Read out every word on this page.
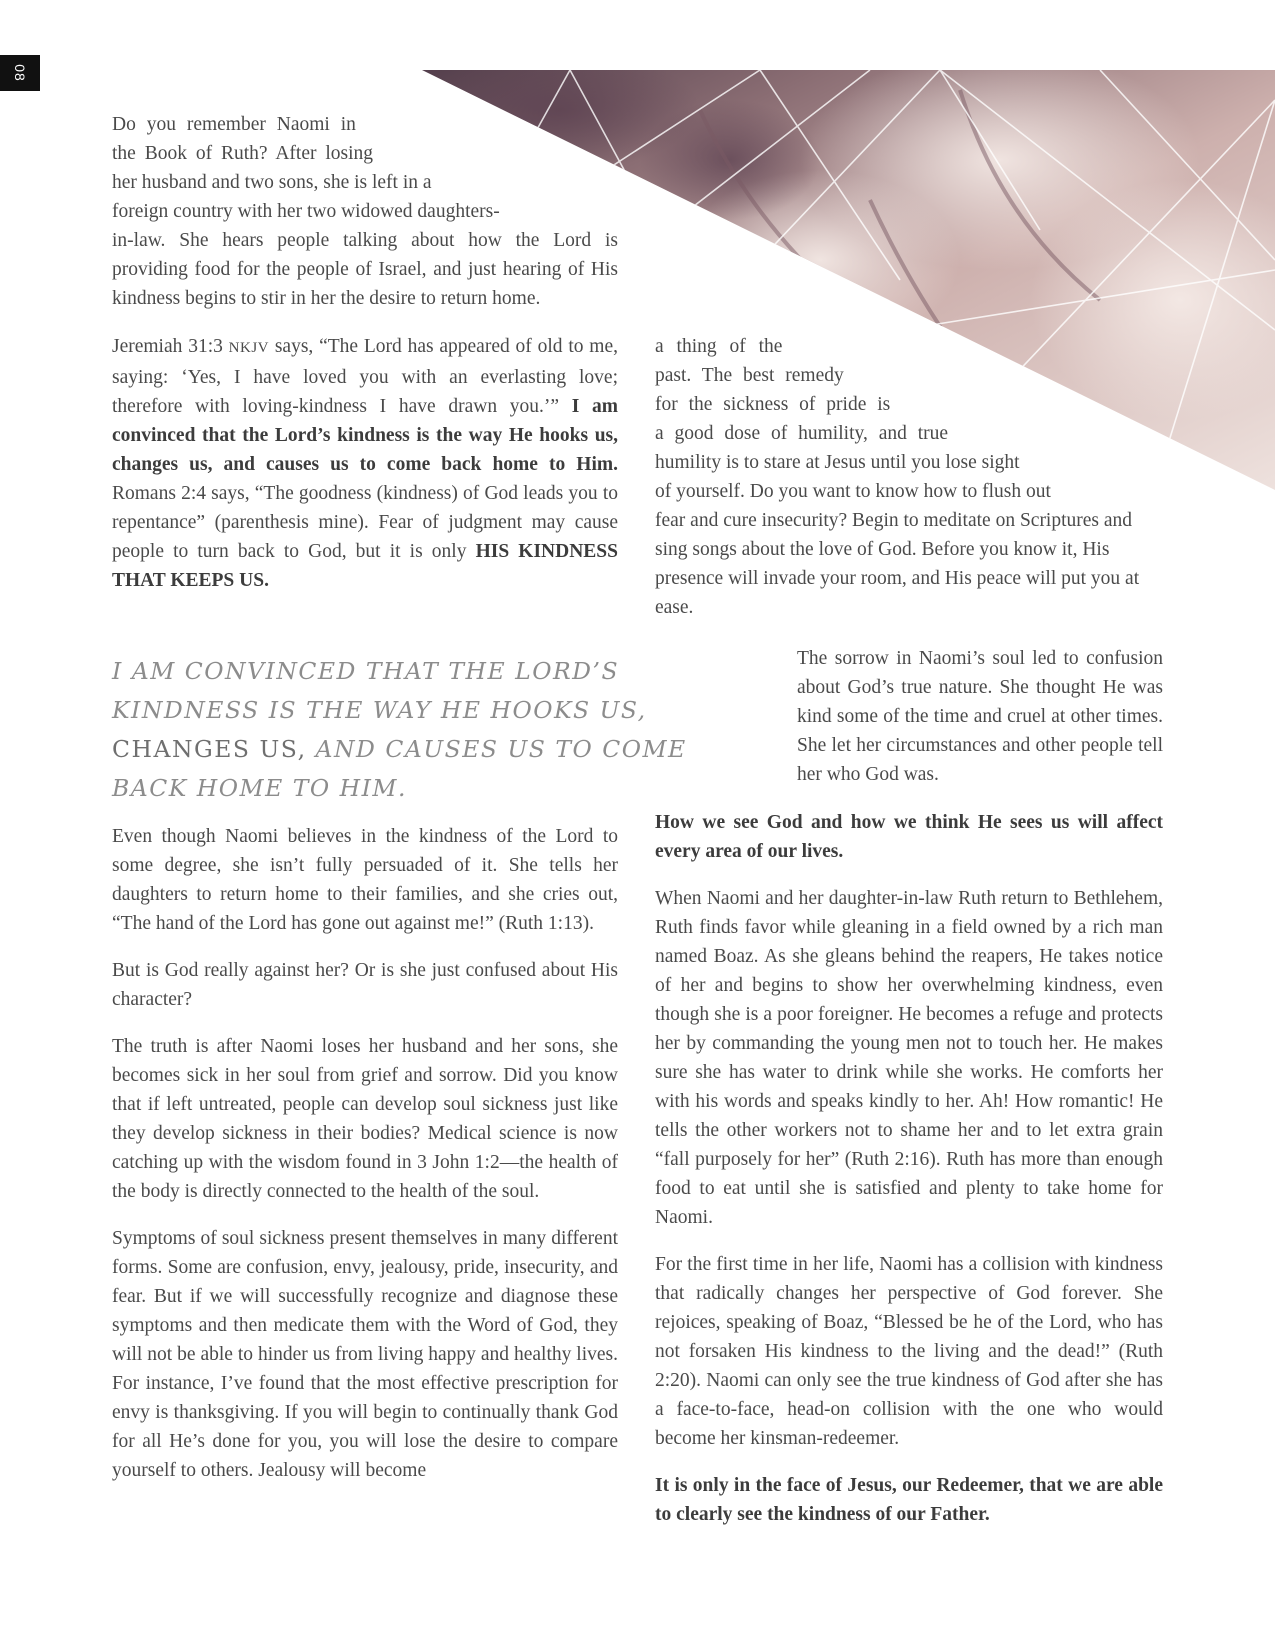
08
Do you remember Naomi in
the Book of Ruth? After losing
her husband and two sons, she is left in a
foreign country with her two widowed daughters-
in-law. She hears people talking about how the Lord is providing food for the people of Israel, and just hearing of His kindness begins to stir in her the desire to return home.
Jeremiah 31:3 NKJV says, “The Lord has appeared of old to me, saying: ‘Yes, I have loved you with an everlasting love; therefore with loving-kindness I have drawn you.’” I am convinced that the Lord’s kindness is the way He hooks us, changes us, and causes us to come back home to Him. Romans 2:4 says, “The goodness (kindness) of God leads you to repentance” (parenthesis mine). Fear of judgment may cause people to turn back to God, but it is only HIS KINDNESS THAT KEEPS US.
a thing of the
past. The best remedy
for the sickness of pride is
a good dose of humility, and true
humility is to stare at Jesus until you lose sight
of yourself. Do you want to know how to flush out
fear and cure insecurity? Begin to meditate on Scriptures and sing songs about the love of God. Before you know it, His presence will invade your room, and His peace will put you at ease.

I AM CONVINCED THAT THE LORD’S KINDNESS IS THE WAY HE HOOKS US, CHANGES US, AND CAUSES US TO COME BACK HOME TO HIM.

The sorrow in Naomi’s soul led to confusion about God’s true nature. She thought He was kind some of the time and cruel at other times. She let her circumstances and other people tell her who God was.

Even though Naomi believes in the kindness of the Lord to some degree, she isn’t fully persuaded of it. She tells her daughters to return home to their families, and she cries out, “The hand of the Lord has gone out against me!” (Ruth 1:13).

But is God really against her? Or is she just confused about His character?

The truth is after Naomi loses her husband and her sons, she becomes sick in her soul from grief and sorrow. Did you know that if left untreated, people can develop soul sickness just like they develop sickness in their bodies? Medical science is now catching up with the wisdom found in 3 John 1:2—the health of the body is directly connected to the health of the soul.

Symptoms of soul sickness present themselves in many different forms. Some are confusion, envy, jealousy, pride, insecurity, and fear. But if we will successfully recognize and diagnose these symptoms and then medicate them with the Word of God, they will not be able to hinder us from living happy and healthy lives. For instance, I’ve found that the most effective prescription for envy is thanksgiving. If you will begin to continually thank God for all He’s done for you, you will lose the desire to compare yourself to others. Jealousy will become

How we see God and how we think He sees us will affect every area of our lives.

When Naomi and her daughter-in-law Ruth return to Bethlehem, Ruth finds favor while gleaning in a field owned by a rich man named Boaz. As she gleans behind the reapers, He takes notice of her and begins to show her overwhelming kindness, even though she is a poor foreigner. He becomes a refuge and protects her by commanding the young men not to touch her. He makes sure she has water to drink while she works. He comforts her with his words and speaks kindly to her. Ah! How romantic! He tells the other workers not to shame her and to let extra grain “fall purposely for her” (Ruth 2:16). Ruth has more than enough food to eat until she is satisfied and plenty to take home for Naomi.

For the first time in her life, Naomi has a collision with kindness that radically changes her perspective of God forever. She rejoices, speaking of Boaz, “Blessed be he of the Lord, who has not forsaken His kindness to the living and the dead!” (Ruth 2:20). Naomi can only see the true kindness of God after she has a face-to-face, head-on collision with the one who would become her kinsman-redeemer.

It is only in the face of Jesus, our Redeemer, that we are able to clearly see the kindness of our Father.
